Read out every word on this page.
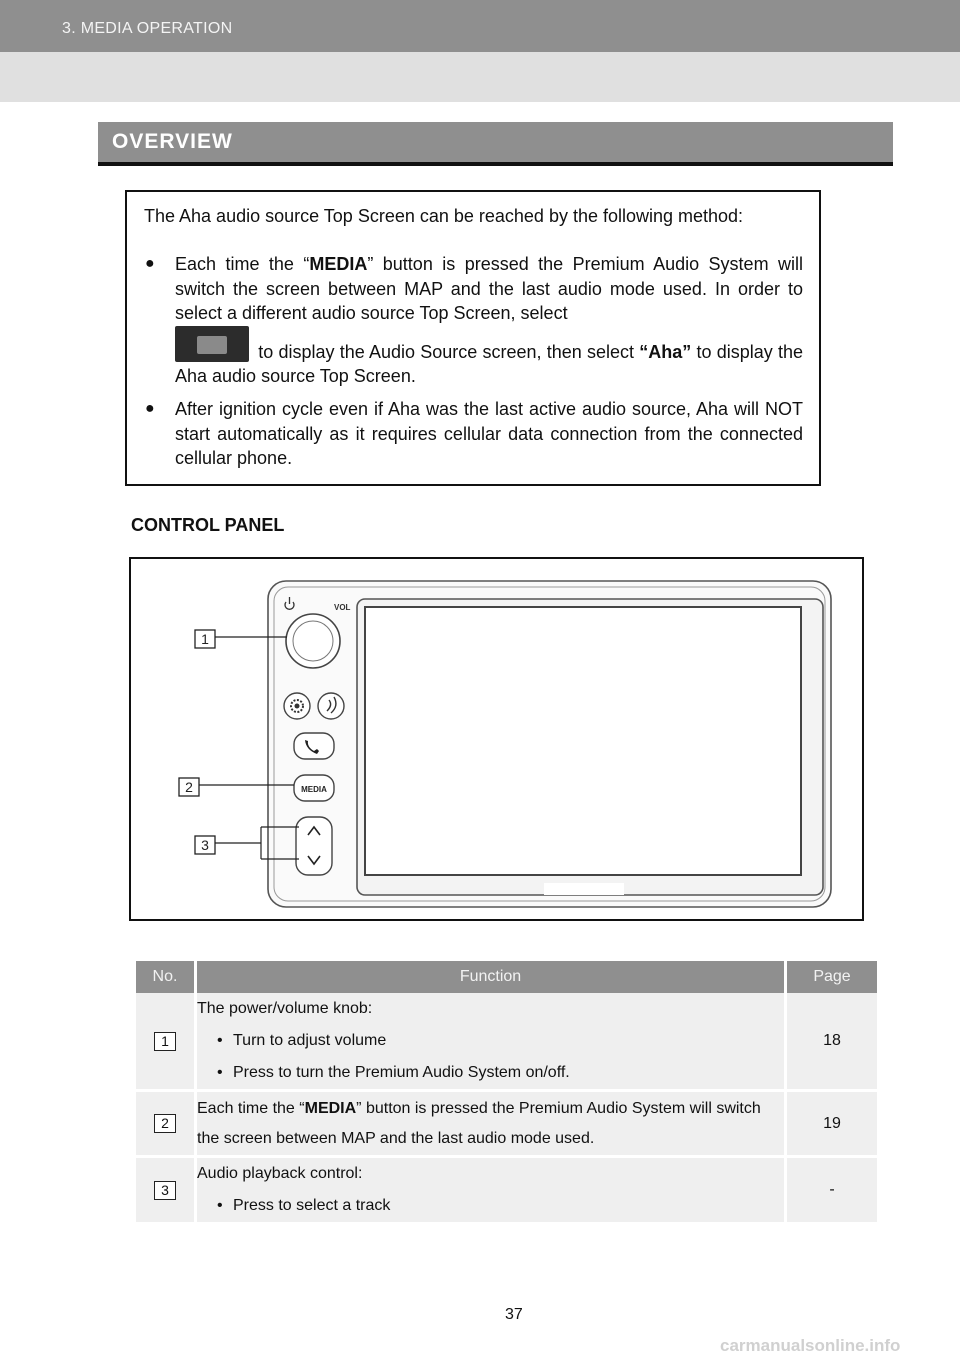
3. MEDIA OPERATION
OVERVIEW
The Aha audio source Top Screen can be reached by the following method:
● Each time the “MEDIA” button is pressed the Premium Audio System will switch the screen between MAP and the last audio mode used. In order to select a different audio source Top Screen, select

to display the Audio Source screen, then select “Aha” to display the Aha audio source Top Screen.
● After ignition cycle even if Aha was the last active audio source, Aha will NOT start automatically as it requires cellular data connection from the connected cellular phone.
CONTROL PANEL
VOL
MEDIA
1
2
3
No.	Function	Page
1	The power/volume knob:
• Turn to adjust volume
• Press to turn the Premium Audio System on/off.	18
2	Each time the “MEDIA” button is pressed the Premium Audio System will switch the screen between MAP and the last audio mode used.	19
3	Audio playback control:
• Press to select a track	-
37
carmanualsonline.info
